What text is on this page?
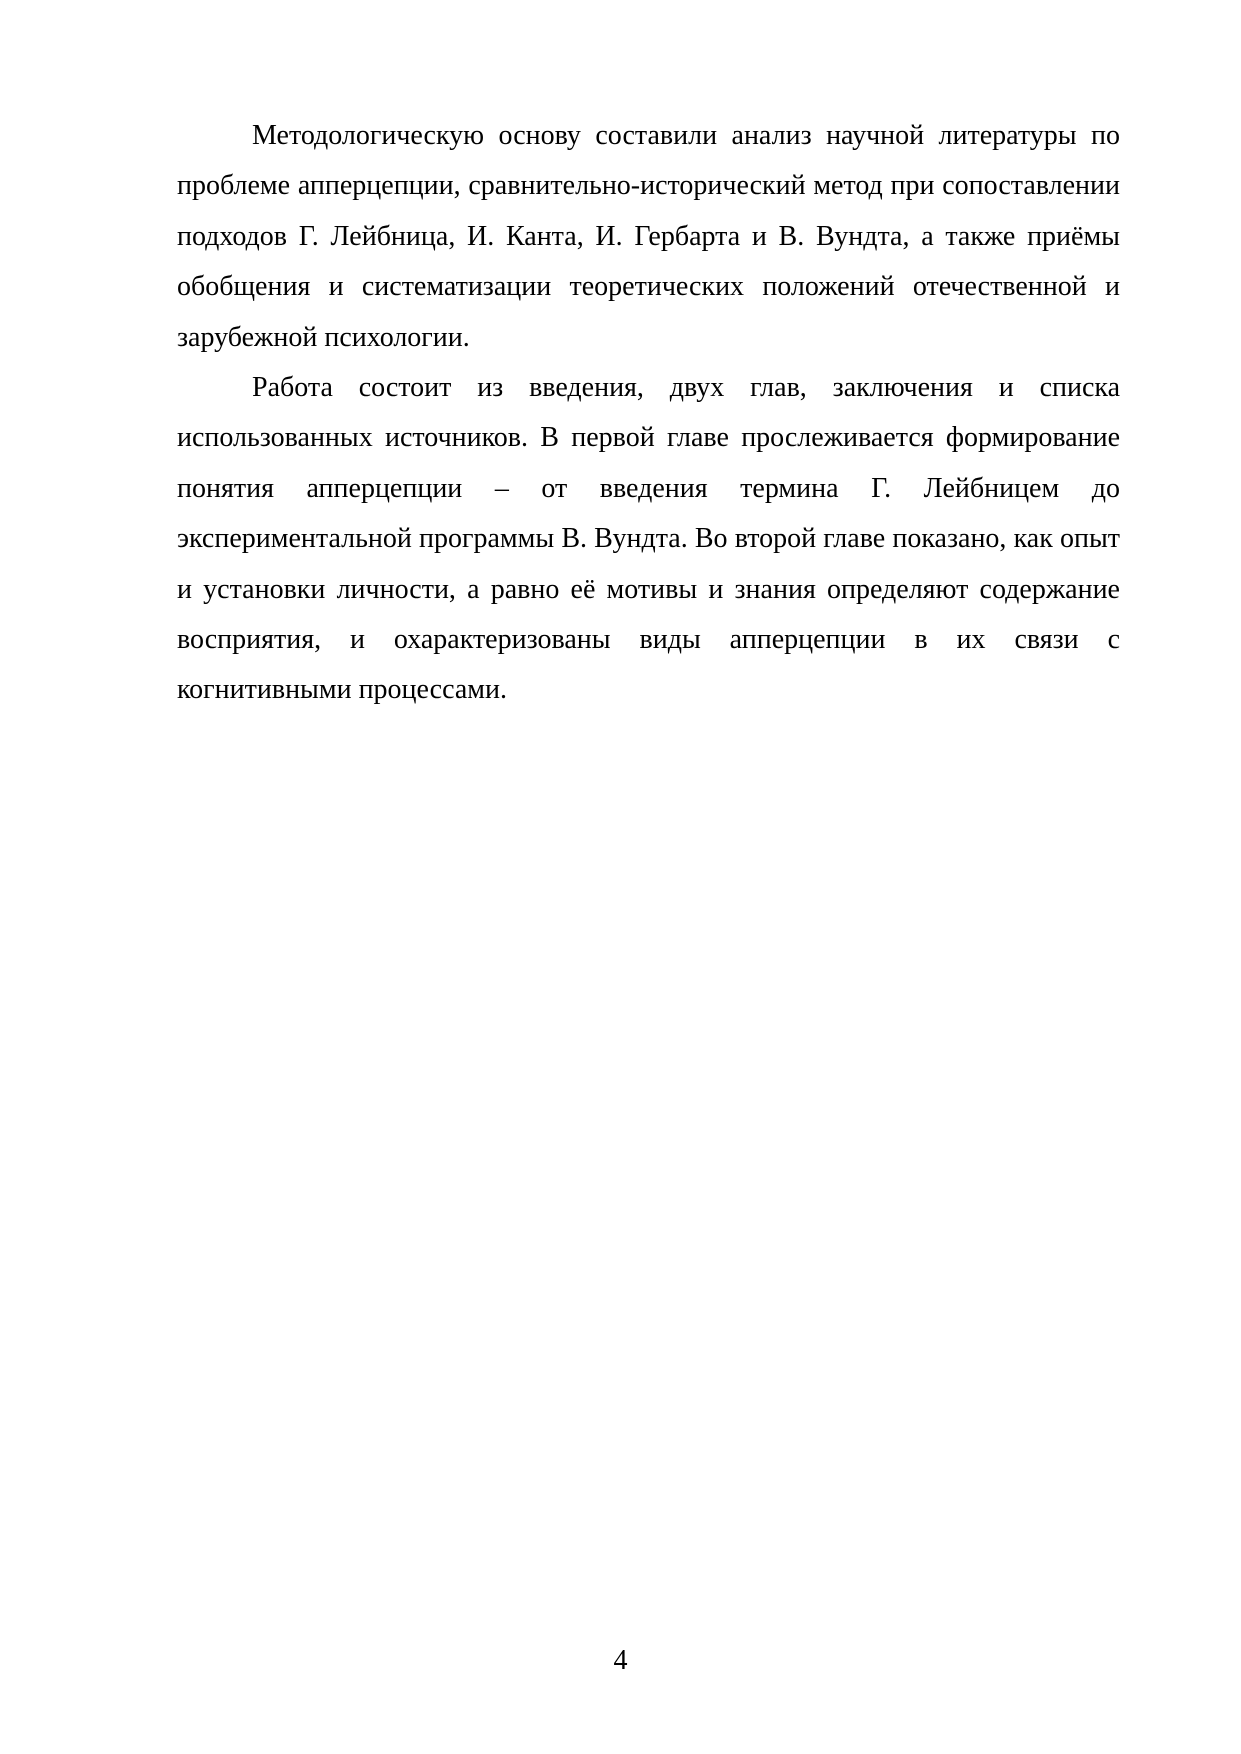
Методологическую основу составили анализ научной литературы по проблеме апперцепции, сравнительно-исторический метод при сопоставлении подходов Г. Лейбница, И. Канта, И. Гербарта и В. Вундта, а также приёмы обобщения и систематизации теоретических положений отечественной и зарубежной психологии.

Работа состоит из введения, двух глав, заключения и списка использованных источников. В первой главе прослеживается формирование понятия апперцепции – от введения термина Г. Лейбницем до экспериментальной программы В. Вундта. Во второй главе показано, как опыт и установки личности, а равно её мотивы и знания определяют содержание восприятия, и охарактеризованы виды апперцепции в их связи с когнитивными процессами.

4
